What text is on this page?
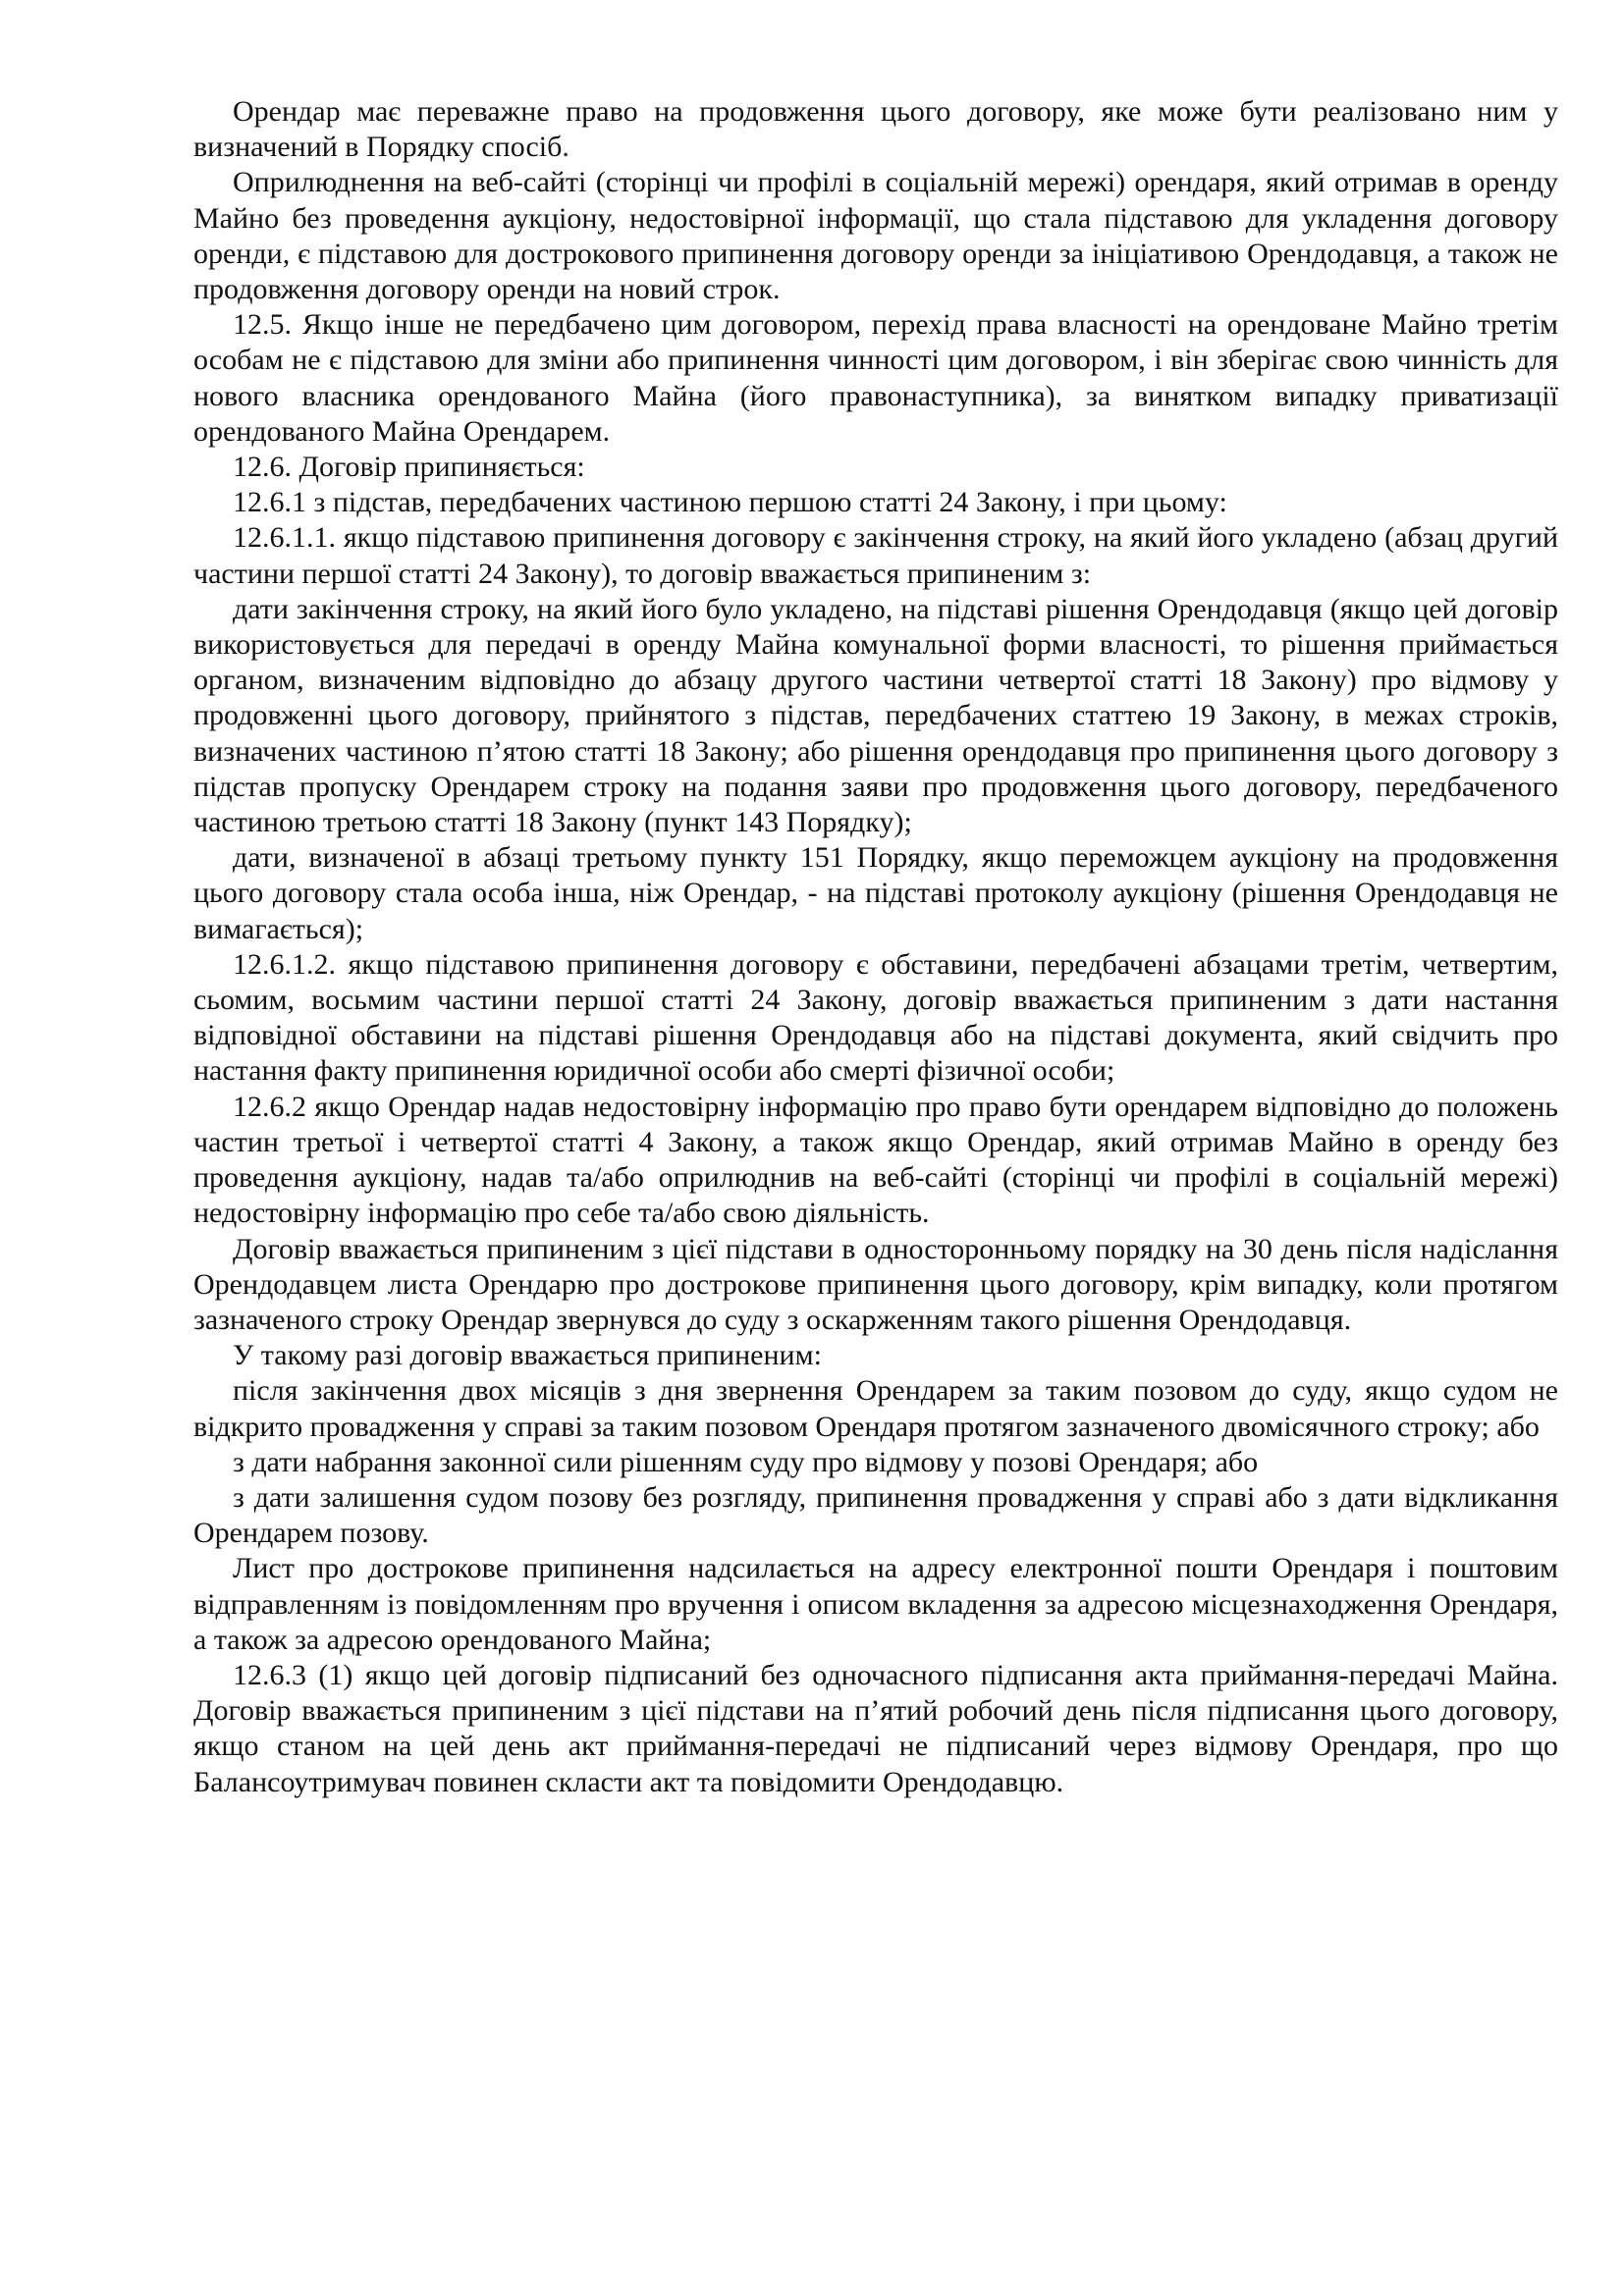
Орендар має переважне право на продовження цього договору, яке може бути реалізовано ним у визначений в Порядку спосіб.

Оприлюднення на веб-сайті (сторінці чи профілі в соціальній мережі) орендаря, який отримав в оренду Майно без проведення аукціону, недостовірної інформації, що стала підставою для укладення договору оренди, є підставою для дострокового припинення договору оренди за ініціативою Орендодавця, а також не продовження договору оренди на новий строк.

12.5. Якщо інше не передбачено цим договором, перехід права власності на орендоване Майно третім особам не є підставою для зміни або припинення чинності цим договором, і він зберігає свою чинність для нового власника орендованого Майна (його правонаступника), за винятком випадку приватизації орендованого Майна Орендарем.

12.6. Договір припиняється:

12.6.1 з підстав, передбачених частиною першою статті 24 Закону, і при цьому:

12.6.1.1. якщо підставою припинення договору є закінчення строку, на який його укладено (абзац другий частини першої статті 24 Закону), то договір вважається припиненим з:

дати закінчення строку, на який його було укладено, на підставі рішення Орендодавця (якщо цей договір використовується для передачі в оренду Майна комунальної форми власності, то рішення приймається органом, визначеним відповідно до абзацу другого частини четвертої статті 18 Закону) про відмову у продовженні цього договору, прийнятого з підстав, передбачених статтею 19 Закону, в межах строків, визначених частиною п’ятою статті 18 Закону; або рішення орендодавця про припинення цього договору з підстав пропуску Орендарем строку на подання заяви про продовження цього договору, передбаченого частиною третьою статті 18 Закону (пункт 143 Порядку);

дати, визначеної в абзаці третьому пункту 151 Порядку, якщо переможцем аукціону на продовження цього договору стала особа інша, ніж Орендар, - на підставі протоколу аукціону (рішення Орендодавця не вимагається);

12.6.1.2. якщо підставою припинення договору є обставини, передбачені абзацами третім, четвертим, сьомим, восьмим частини першої статті 24 Закону, договір вважається припиненим з дати настання відповідної обставини на підставі рішення Орендодавця або на підставі документа, який свідчить про настання факту припинення юридичної особи або смерті фізичної особи;

12.6.2 якщо Орендар надав недостовірну інформацію про право бути орендарем відповідно до положень частин третьої і четвертої статті 4 Закону, а також якщо Орендар, який отримав Майно в оренду без проведення аукціону, надав та/або оприлюднив на веб-сайті (сторінці чи профілі в соціальній мережі) недостовірну інформацію про себе та/або свою діяльність.

Договір вважається припиненим з цієї підстави в односторонньому порядку на 30 день після надіслання Орендодавцем листа Орендарю про дострокове припинення цього договору, крім випадку, коли протягом зазначеного строку Орендар звернувся до суду з оскарженням такого рішення Орендодавця.

У такому разі договір вважається припиненим:

після закінчення двох місяців з дня звернення Орендарем за таким позовом до суду, якщо судом не відкрито провадження у справі за таким позовом Орендаря протягом зазначеного двомісячного строку; або

з дати набрання законної сили рішенням суду про відмову у позові Орендаря; або

з дати залишення судом позову без розгляду, припинення провадження у справі або з дати відкликання Орендарем позову.

Лист про дострокове припинення надсилається на адресу електронної пошти Орендаря і поштовим відправленням із повідомленням про вручення і описом вкладення за адресою місцезнаходження Орендаря, а також за адресою орендованого Майна;

12.6.3 (1) якщо цей договір підписаний без одночасного підписання акта приймання-передачі Майна. Договір вважається припиненим з цієї підстави на п’ятий робочий день після підписання цього договору, якщо станом на цей день акт приймання-передачі не підписаний через відмову Орендаря, про що Балансоутримувач повинен скласти акт та повідомити Орендодавцю.
